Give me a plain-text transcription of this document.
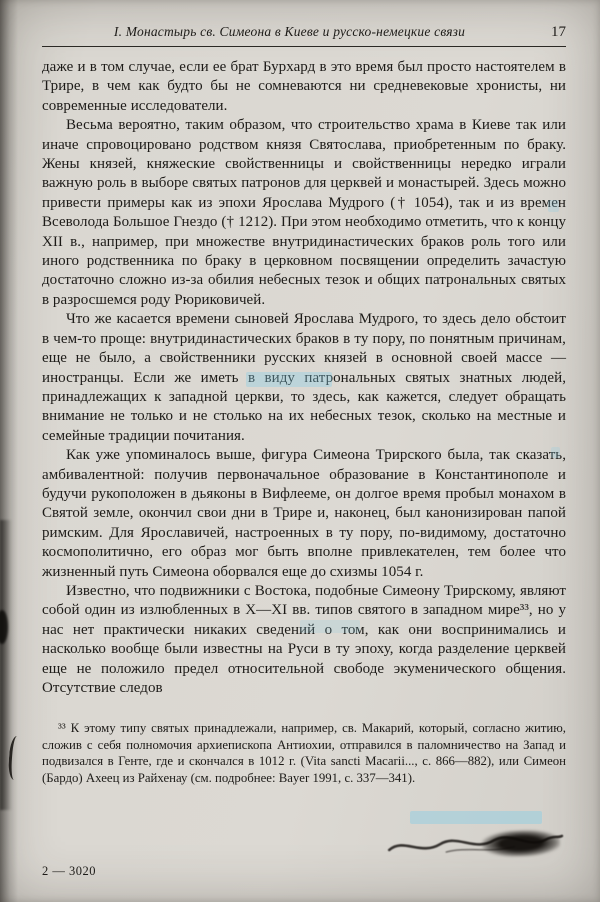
I. Монастырь св. Симеона в Киеве и русско-немецкие связи	17

даже и в том случае, если ее брат Бурхард в это время был просто настоятелем в Трире, в чем как будто бы не сомневаются ни средневековые хронисты, ни современные исследователи.

Весьма вероятно, таким образом, что строительство храма в Киеве так или иначе спровоцировано родством князя Святослава, приобретенным по браку. Жены князей, княжеские свойственницы и свойственницы нередко играли важную роль в выборе святых патронов для церквей и монастырей. Здесь можно привести примеры как из эпохи Ярослава Мудрого († 1054), так и из времен Всеволода Большое Гнездо († 1212). При этом необходимо отметить, что к концу XII в., например, при множестве внутридинастических браков роль того или иного родственника по браку в церковном посвящении определить зачастую достаточно сложно из-за обилия небесных тезок и общих патрональных святых в разросшемся роду Рюриковичей.

Что же касается времени сыновей Ярослава Мудрого, то здесь дело обстоит в чем-то проще: внутридинастических браков в ту пору, по понятным причинам, еще не было, а свойственники русских князей в основной своей массе — иностранцы. Если же иметь в виду патрональных святых знатных людей, принадлежащих к западной церкви, то здесь, как кажется, следует обращать внимание не только и не столько на их небесных тезок, сколько на местные и семейные традиции почитания.

Как уже упоминалось выше, фигура Симеона Трирского была, так сказать, амбивалентной: получив первоначальное образование в Константинополе и будучи рукоположен в дьяконы в Вифлееме, он долгое время пробыл монахом в Святой земле, окончил свои дни в Трире и, наконец, был канонизирован папой римским. Для Ярославичей, настроенных в ту пору, по-видимому, достаточно космополитично, его образ мог быть вполне привлекателен, тем более что жизненный путь Симеона оборвался еще до схизмы 1054 г.

Известно, что подвижники с Востока, подобные Симеону Трирскому, являют собой один из излюбленных в X—XI вв. типов святого в западном мире³³, но у нас нет практически никаких сведений о том, как они воспринимались и насколько вообще были известны на Руси в ту эпоху, когда разделение церквей еще не положило предел относительной свободе экуменического общения. Отсутствие следов

³³ К этому типу святых принадлежали, например, св. Макарий, который, согласно житию, сложив с себя полномочия архиепископа Антиохии, отправился в паломничество на Запад и подвизался в Генте, где и скончался в 1012 г. (Vita sancti Macarii..., с. 866—882), или Симеон (Бардо) Ахеец из Райхенау (см. подробнее: Bayer 1991, с. 337—341).

2 — 3020
